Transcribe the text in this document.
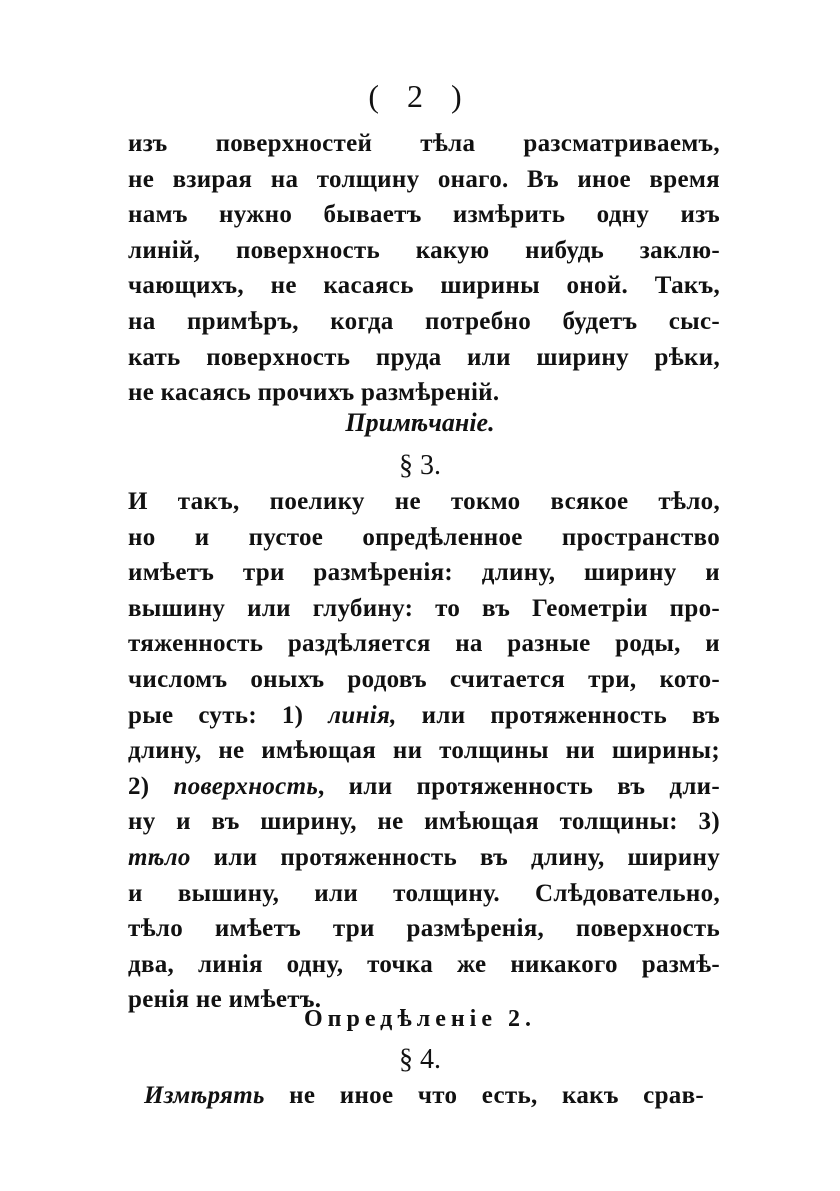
( 2 )
изъ поверхностей тѣла разсматриваемъ,
не взирая на толщину онаго. Въ иное время
намъ нужно бываетъ измѣрить одну изъ
линій, поверхность какую нибудь заклю-
чающихъ, не касаясь ширины оной. Такъ,
на примѣръ, когда потребно будетъ сыс-
кать поверхность пруда или ширину рѣки,
не касаясь прочихъ размѣреній.
Примѣчаніе.
§ 3.
И такъ, поелику не токмо всякое тѣло,
но и пустое опредѣленное пространство
имѣетъ три размѣренія: длину, ширину и
вышину или глубину: то въ Геометріи про-
тяженность раздѣляется на разные роды, и
числомъ оныхъ родовъ считается три, кото-
рые суть: 1) линія, или протяженность въ
длину, не имѣющая ни толщины ни ширины;
2) поверхность, или протяженность въ дли-
ну и въ ширину, не имѣющая толщины: 3)
тѣло или протяженность въ длину, ширину
и вышину, или толщину. Слѣдовательно,
тѣло имѣетъ три размѣренія, поверхность
два, линія одну, точка же никакого размѣ-
ренія не имѣетъ.
Опредѣленіе 2.
§ 4.
Измѣрять не иное что есть, какъ срав-
